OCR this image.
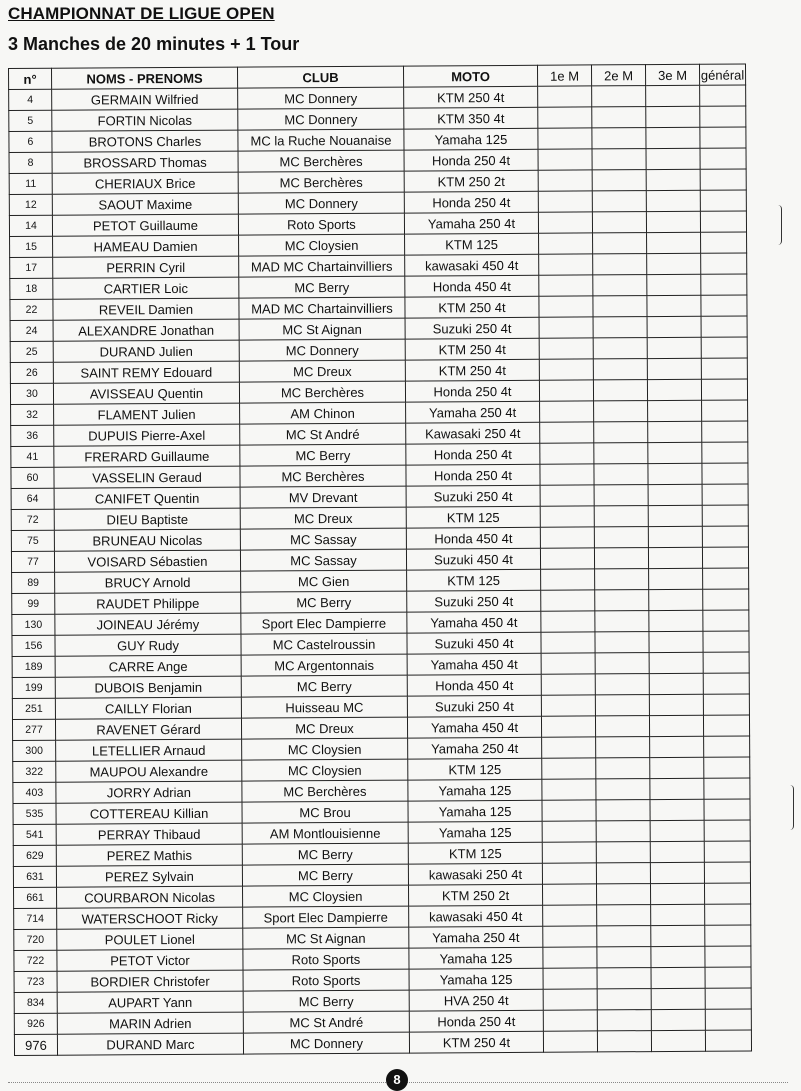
CHAMPIONNAT DE LIGUE OPEN
3 Manches de 20 minutes + 1 Tour
n°	NOMS - PRENOMS	CLUB	MOTO	1e M	2e M	3e M	général
4	GERMAIN Wilfried	MC Donnery	KTM 250 4t				
5	FORTIN Nicolas	MC Donnery	KTM 350 4t				
6	BROTONS Charles	MC la Ruche Nouanaise	Yamaha 125				
8	BROSSARD Thomas	MC Berchères	Honda 250 4t				
11	CHERIAUX Brice	MC Berchères	KTM 250 2t				
12	SAOUT Maxime	MC Donnery	Honda 250 4t				
14	PETOT Guillaume	Roto Sports	Yamaha 250 4t				
15	HAMEAU Damien	MC Cloysien	KTM 125				
17	PERRIN Cyril	MAD MC Chartainvilliers	kawasaki 450 4t				
18	CARTIER Loic	MC Berry	Honda 450 4t				
22	REVEIL Damien	MAD MC Chartainvilliers	KTM 250 4t				
24	ALEXANDRE Jonathan	MC St Aignan	Suzuki 250 4t				
25	DURAND Julien	MC Donnery	KTM 250 4t				
26	SAINT REMY Edouard	MC Dreux	KTM 250 4t				
30	AVISSEAU Quentin	MC Berchères	Honda 250 4t				
32	FLAMENT Julien	AM Chinon	Yamaha 250 4t				
36	DUPUIS Pierre-Axel	MC St André	Kawasaki 250 4t				
41	FRERARD Guillaume	MC Berry	Honda 250 4t				
60	VASSELIN Geraud	MC Berchères	Honda 250 4t				
64	CANIFET Quentin	MV Drevant	Suzuki 250 4t				
72	DIEU Baptiste	MC Dreux	KTM 125				
75	BRUNEAU Nicolas	MC Sassay	Honda 450 4t				
77	VOISARD Sébastien	MC Sassay	Suzuki 450 4t				
89	BRUCY Arnold	MC Gien	KTM 125				
99	RAUDET Philippe	MC Berry	Suzuki 250 4t				
130	JOINEAU Jérémy	Sport Elec Dampierre	Yamaha 450 4t				
156	GUY Rudy	MC Castelroussin	Suzuki 450 4t				
189	CARRE Ange	MC Argentonnais	Yamaha 450 4t				
199	DUBOIS Benjamin	MC Berry	Honda 450 4t				
251	CAILLY Florian	Huisseau MC	Suzuki 250 4t				
277	RAVENET Gérard	MC Dreux	Yamaha 450 4t				
300	LETELLIER Arnaud	MC Cloysien	Yamaha 250 4t				
322	MAUPOU Alexandre	MC Cloysien	KTM 125				
403	JORRY Adrian	MC Berchères	Yamaha 125				
535	COTTEREAU Killian	MC Brou	Yamaha 125				
541	PERRAY Thibaud	AM Montlouisienne	Yamaha 125				
629	PEREZ Mathis	MC Berry	KTM 125				
631	PEREZ Sylvain	MC Berry	kawasaki 250 4t				
661	COURBARON Nicolas	MC Cloysien	KTM 250 2t				
714	WATERSCHOOT Ricky	Sport Elec Dampierre	kawasaki 450 4t				
720	POULET Lionel	MC St Aignan	Yamaha 250 4t				
722	PETOT Victor	Roto Sports	Yamaha 125				
723	BORDIER Christofer	Roto Sports	Yamaha 125				
834	AUPART Yann	MC Berry	HVA 250 4t				
926	MARIN Adrien	MC St André	Honda 250 4t				
976	DURAND Marc	MC Donnery	KTM 250 4t				
8
